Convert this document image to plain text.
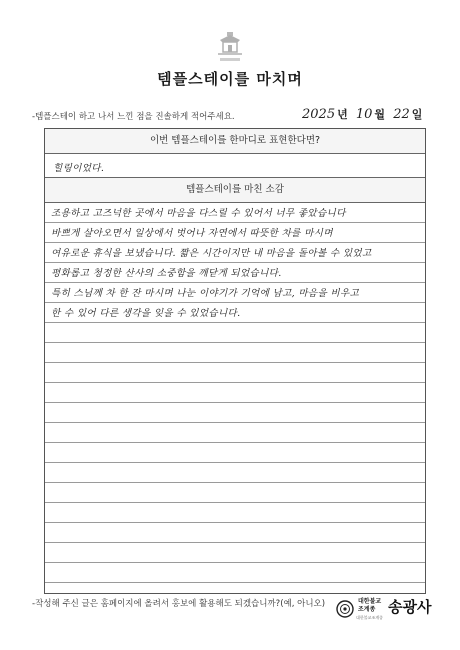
템플스테이를 마치며
-템플스테이 하고 나서 느낀 점을 진솔하게 적어주세요.	2025 년 10 월 22 일
이번 템플스테이를 한마디로 표현한다면?
힐링이었다.
템플스테이를 마친 소감
조용하고 고즈넉한 곳에서 마음을 다스릴 수 있어서 너무 좋았습니다
바쁘게 살아오면서 일상에서 벗어나 자연에서 따뜻한 차를 마시며
여유로운 휴식을 보냈습니다. 짧은 시간이지만 내 마음을 돌아볼 수 있었고
평화롭고 청정한 산사의 소중함을 깨닫게 되었습니다.
특히 스님께 차 한 잔 마시며 나눈 이야기가 기억에 남고, 마음을 비우고
한 수 있어 다른 생각을 잊을 수 있었습니다.
-작성해 주신 글은 홈페이지에 올려서 홍보에 활용해도 되겠습니까?(예, 아니오)	대한불교
조계종 송광사
대한불교조계종
